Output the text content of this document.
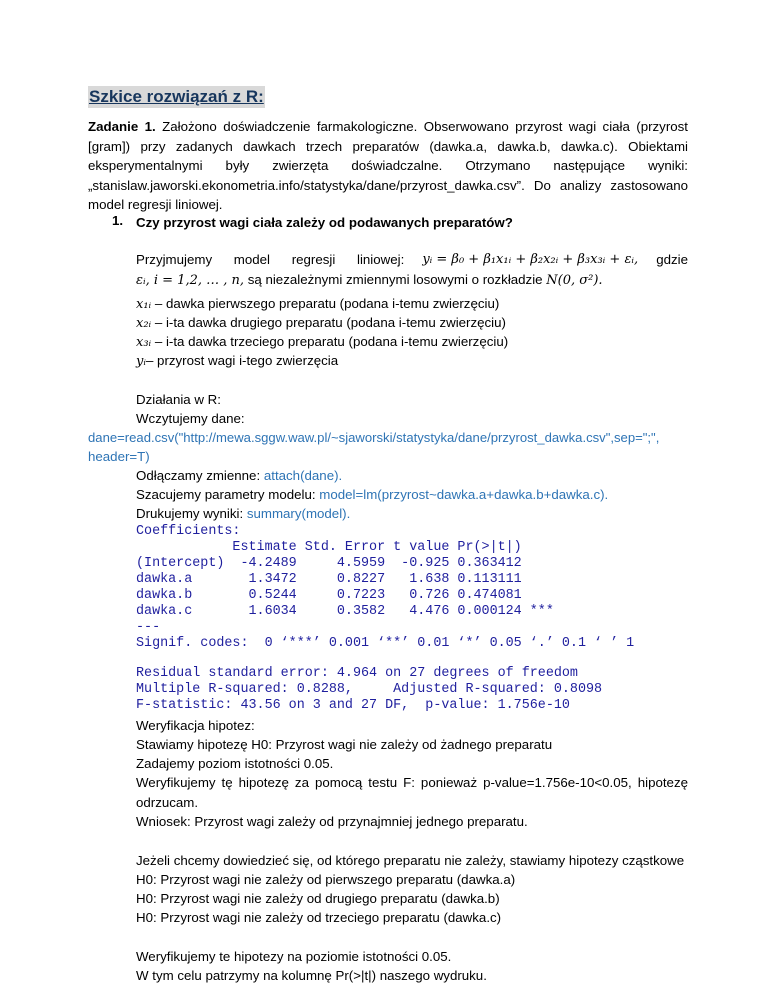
Szkice rozwiązań z R:
Zadanie 1. Założono doświadczenie farmakologiczne. Obserwowano przyrost wagi ciała (przyrost [gram]) przy zadanych dawkach trzech preparatów (dawka.a, dawka.b, dawka.c). Obiektami eksperymentalnymi były zwierzęta doświadczalne. Otrzymano następujące wyniki: „stanislaw.jaworski.ekonometria.info/statystyka/dane/przyrost_dawka.csv”. Do analizy zastosowano model regresji liniowej.
1. Czy przyrost wagi ciała zależy od podawanych preparatów?
Przyjmujemy model regresji liniowej: yᵢ = β₀ + β₁x₁ᵢ + β₂x₂ᵢ + β₃x₃ᵢ + εᵢ, gdzie
εᵢ, i = 1,2, … , n, są niezależnymi zmiennymi losowymi o rozkładzie N(0, σ²).
x₁ᵢ – dawka pierwszego preparatu (podana i-temu zwierzęciu)
x₂ᵢ – i-ta dawka drugiego preparatu (podana i-temu zwierzęciu)
x₃ᵢ – i-ta dawka trzeciego preparatu (podana i-temu zwierzęciu)
yᵢ– przyrost wagi i-tego zwierzęcia
Działania w R:
Wczytujemy dane:
dane=read.csv("http://mewa.sggw.waw.pl/~sjaworski/statystyka/dane/przyrost_dawka.csv",sep=";",
header=T)
Odłączamy zmienne: attach(dane).
Szacujemy parametry modelu: model=lm(przyrost~dawka.a+dawka.b+dawka.c).
Drukujemy wyniki: summary(model).
Coefficients:
Estimate Std. Error t value Pr(>|t|)
(Intercept)  -4.2489     4.5959  -0.925 0.363412
dawka.a       1.3472     0.8227   1.638 0.113111
dawka.b       0.5244     0.7223   0.726 0.474081
dawka.c       1.6034     0.3582   4.476 0.000124 ***
---
Signif. codes:  0 ‘***’ 0.001 ‘**’ 0.01 ‘*’ 0.05 ‘.’ 0.1 ‘ ’ 1
Residual standard error: 4.964 on 27 degrees of freedom
Multiple R-squared: 0.8288,     Adjusted R-squared: 0.8098
F-statistic: 43.56 on 3 and 27 DF,  p-value: 1.756e-10
Weryfikacja hipotez:
Stawiamy hipotezę H0: Przyrost wagi nie zależy od żadnego preparatu
Zadajemy poziom istotności 0.05.
Weryfikujemy tę hipotezę za pomocą testu F: ponieważ p-value=1.756e-10<0.05, hipotezę odrzucam.
Wniosek: Przyrost wagi zależy od przynajmniej jednego preparatu.
Jeżeli chcemy dowiedzieć się, od którego preparatu nie zależy, stawiamy hipotezy cząstkowe
H0: Przyrost wagi nie zależy od pierwszego preparatu (dawka.a)
H0: Przyrost wagi nie zależy od drugiego preparatu (dawka.b)
H0: Przyrost wagi nie zależy od trzeciego preparatu (dawka.c)
Weryfikujemy te hipotezy na poziomie istotności 0.05.
W tym celu patrzymy na kolumnę Pr(>|t|) naszego wydruku.
